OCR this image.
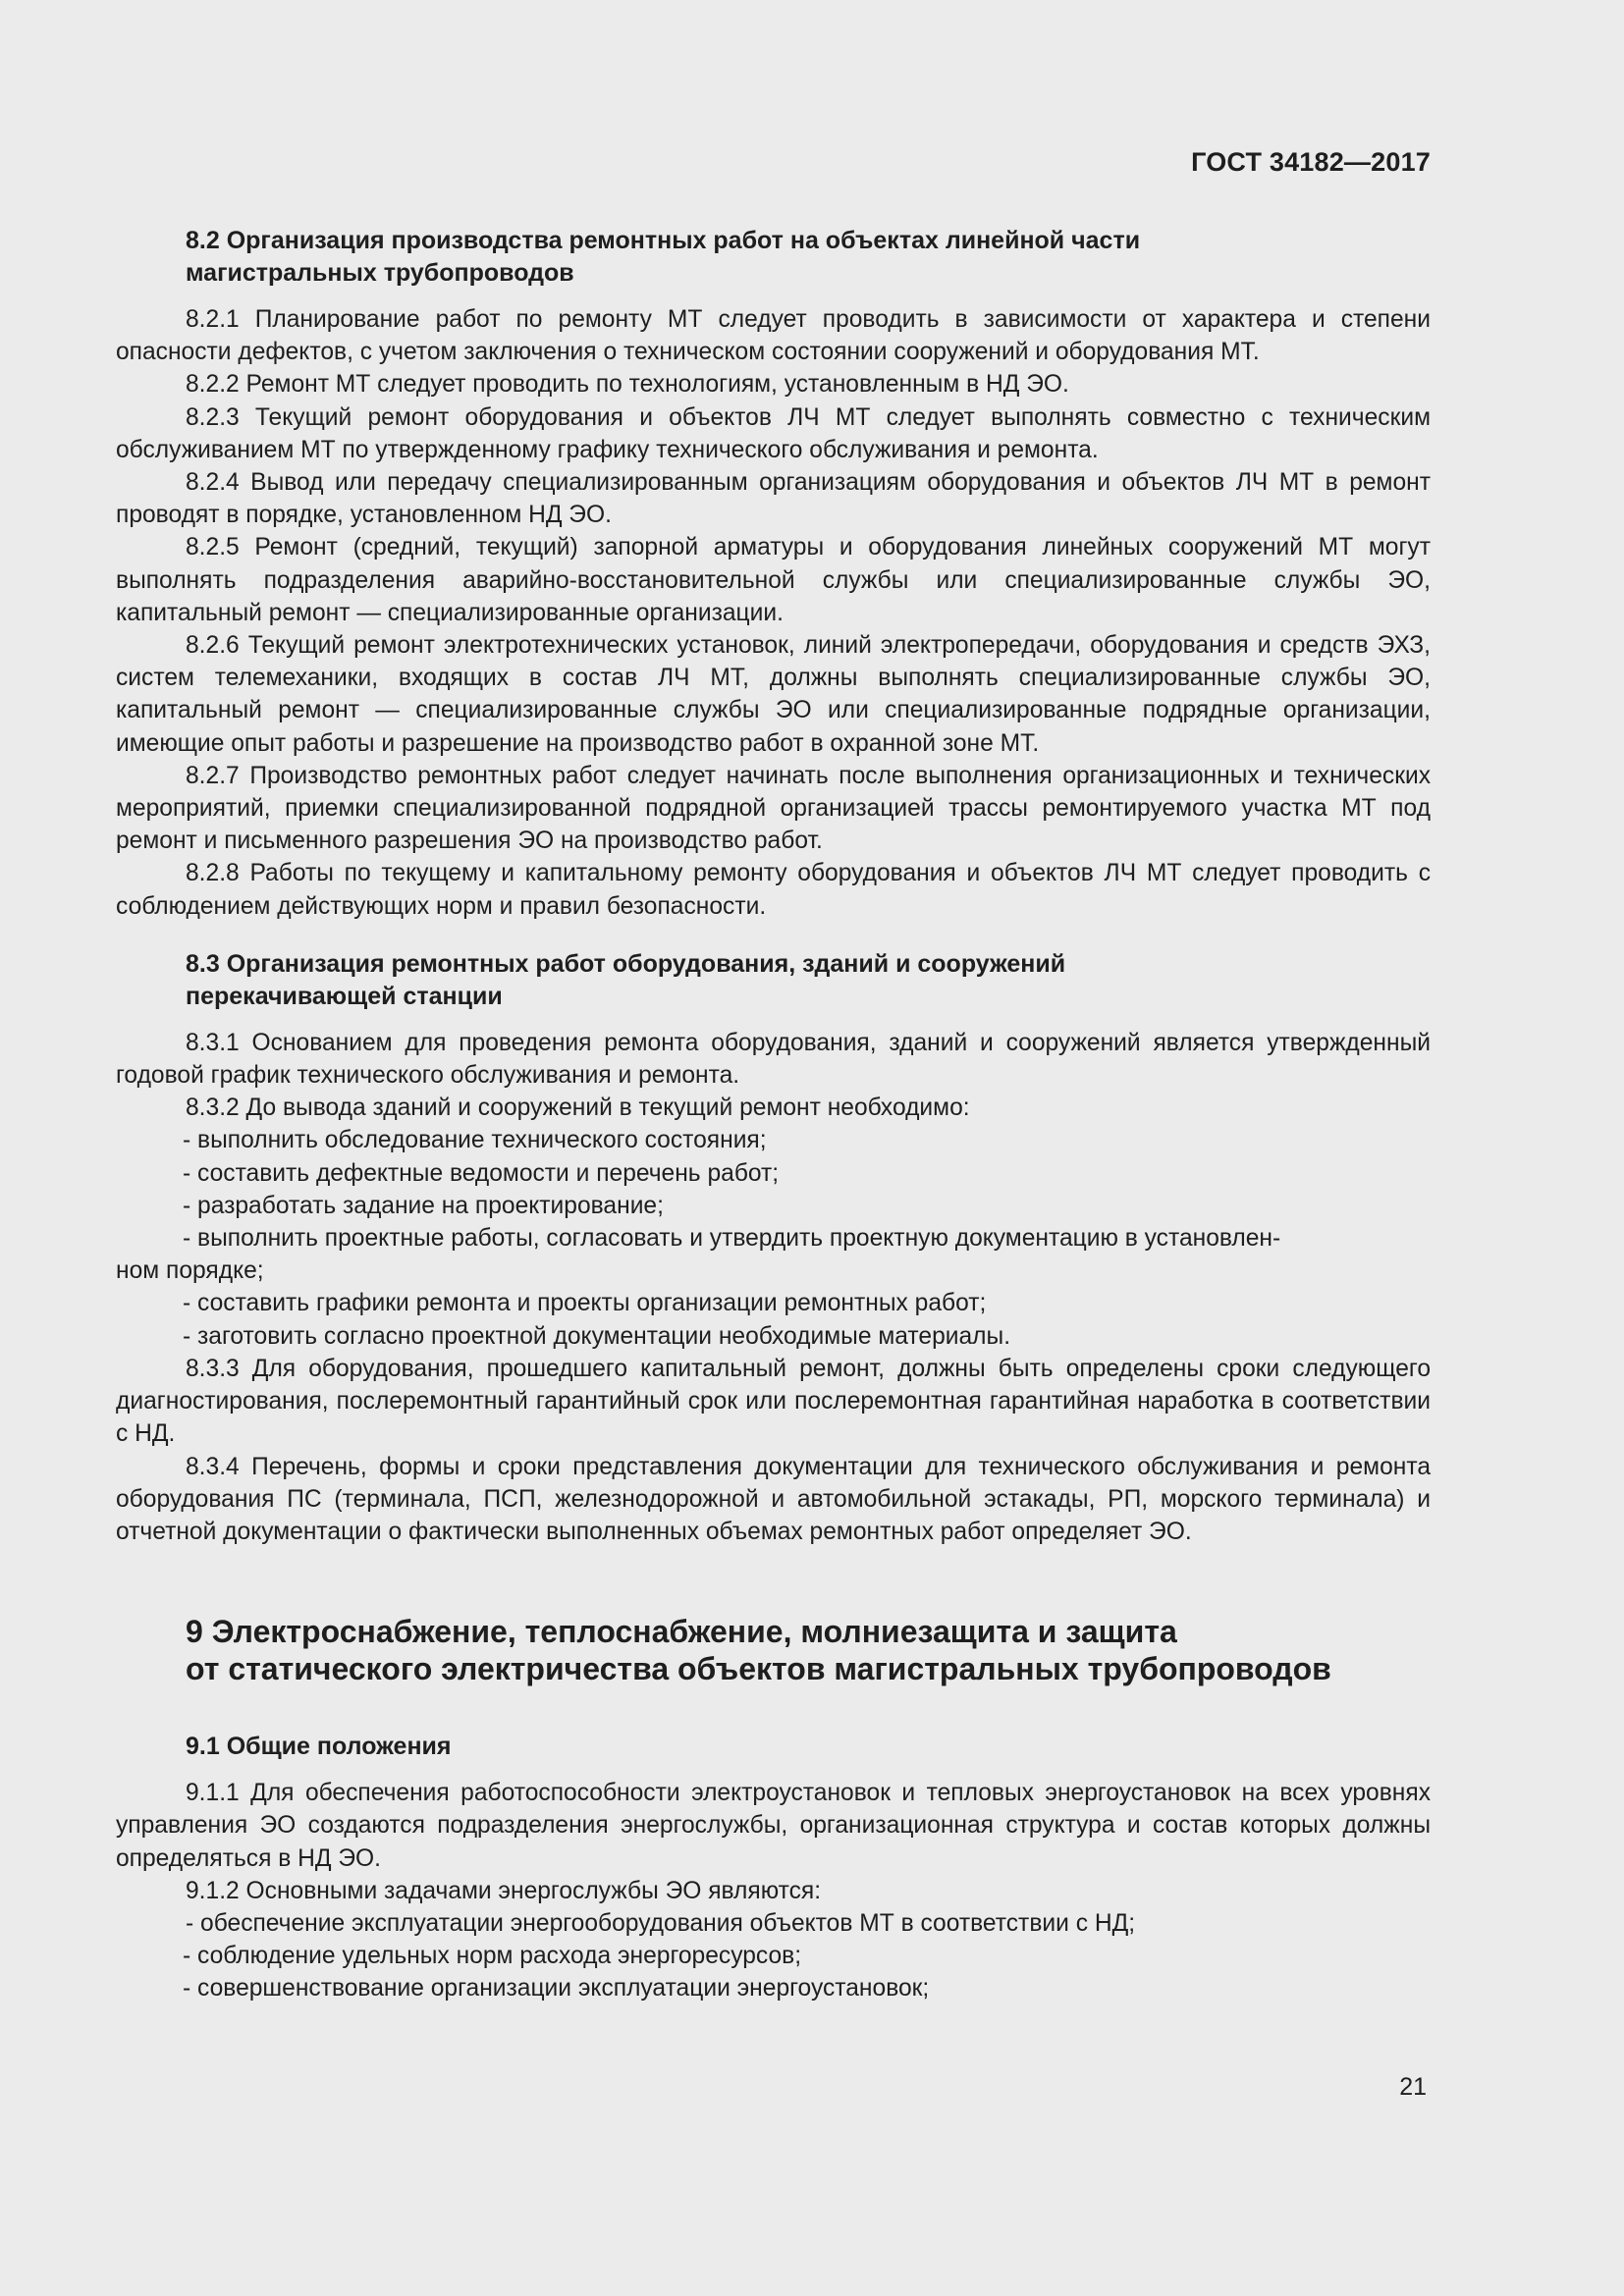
ГОСТ 34182—2017
8.2 Организация производства ремонтных работ на объектах линейной части
магистральных трубопроводов

8.2.1 Планирование работ по ремонту МТ следует проводить в зависимости от характера и степени опасности дефектов, с учетом заключения о техническом состоянии сооружений и оборудования МТ.

8.2.2 Ремонт МТ следует проводить по технологиям, установленным в НД ЭО.

8.2.3 Текущий ремонт оборудования и объектов ЛЧ МТ следует выполнять совместно с техническим обслуживанием МТ по утвержденному графику технического обслуживания и ремонта.

8.2.4 Вывод или передачу специализированным организациям оборудования и объектов ЛЧ МТ в ремонт проводят в порядке, установленном НД ЭО.

8.2.5 Ремонт (средний, текущий) запорной арматуры и оборудования линейных сооружений МТ могут выполнять подразделения аварийно-восстановительной службы или специализированные службы ЭО, капитальный ремонт — специализированные организации.

8.2.6 Текущий ремонт электротехнических установок, линий электропередачи, оборудования и средств ЭХЗ, систем телемеханики, входящих в состав ЛЧ МТ, должны выполнять специализированные службы ЭО, капитальный ремонт — специализированные службы ЭО или специализированные подрядные организации, имеющие опыт работы и разрешение на производство работ в охранной зоне МТ.

8.2.7 Производство ремонтных работ следует начинать после выполнения организационных и технических мероприятий, приемки специализированной подрядной организацией трассы ремонтируемого участка МТ под ремонт и письменного разрешения ЭО на производство работ.

8.2.8 Работы по текущему и капитальному ремонту оборудования и объектов ЛЧ МТ следует проводить с соблюдением действующих норм и правил безопасности.

8.3 Организация ремонтных работ оборудования, зданий и сооружений
перекачивающей станции

8.3.1 Основанием для проведения ремонта оборудования, зданий и сооружений является утвержденный годовой график технического обслуживания и ремонта.

8.3.2 До вывода зданий и сооружений в текущий ремонт необходимо:

- выполнить обследование технического состояния;

- составить дефектные ведомости и перечень работ;

- разработать задание на проектирование;

- выполнить проектные работы, согласовать и утвердить проектную документацию в установлен-

ном порядке;

- составить графики ремонта и проекты организации ремонтных работ;

- заготовить согласно проектной документации необходимые материалы.

8.3.3 Для оборудования, прошедшего капитальный ремонт, должны быть определены сроки следующего диагностирования, послеремонтный гарантийный срок или послеремонтная гарантийная наработка в соответствии с НД.

8.3.4 Перечень, формы и сроки представления документации для технического обслуживания и ремонта оборудования ПС (терминала, ПСП, железнодорожной и автомобильной эстакады, РП, морского терминала) и отчетной документации о фактически выполненных объемах ремонтных работ определяет ЭО.

9 Электроснабжение, теплоснабжение, молниезащита и защита
от статического электричества объектов магистральных трубопроводов
9.1 Общие положения

9.1.1 Для обеспечения работоспособности электроустановок и тепловых энергоустановок на всех уровнях управления ЭО создаются подразделения энергослужбы, организационная структура и состав которых должны определяться в НД ЭО.

9.1.2 Основными задачами энергослужбы ЭО являются:

- обеспечение эксплуатации энергооборудования объектов МТ в соответствии с НД;

- соблюдение удельных норм расхода энергоресурсов;

- совершенствование организации эксплуатации энергоустановок;

21
